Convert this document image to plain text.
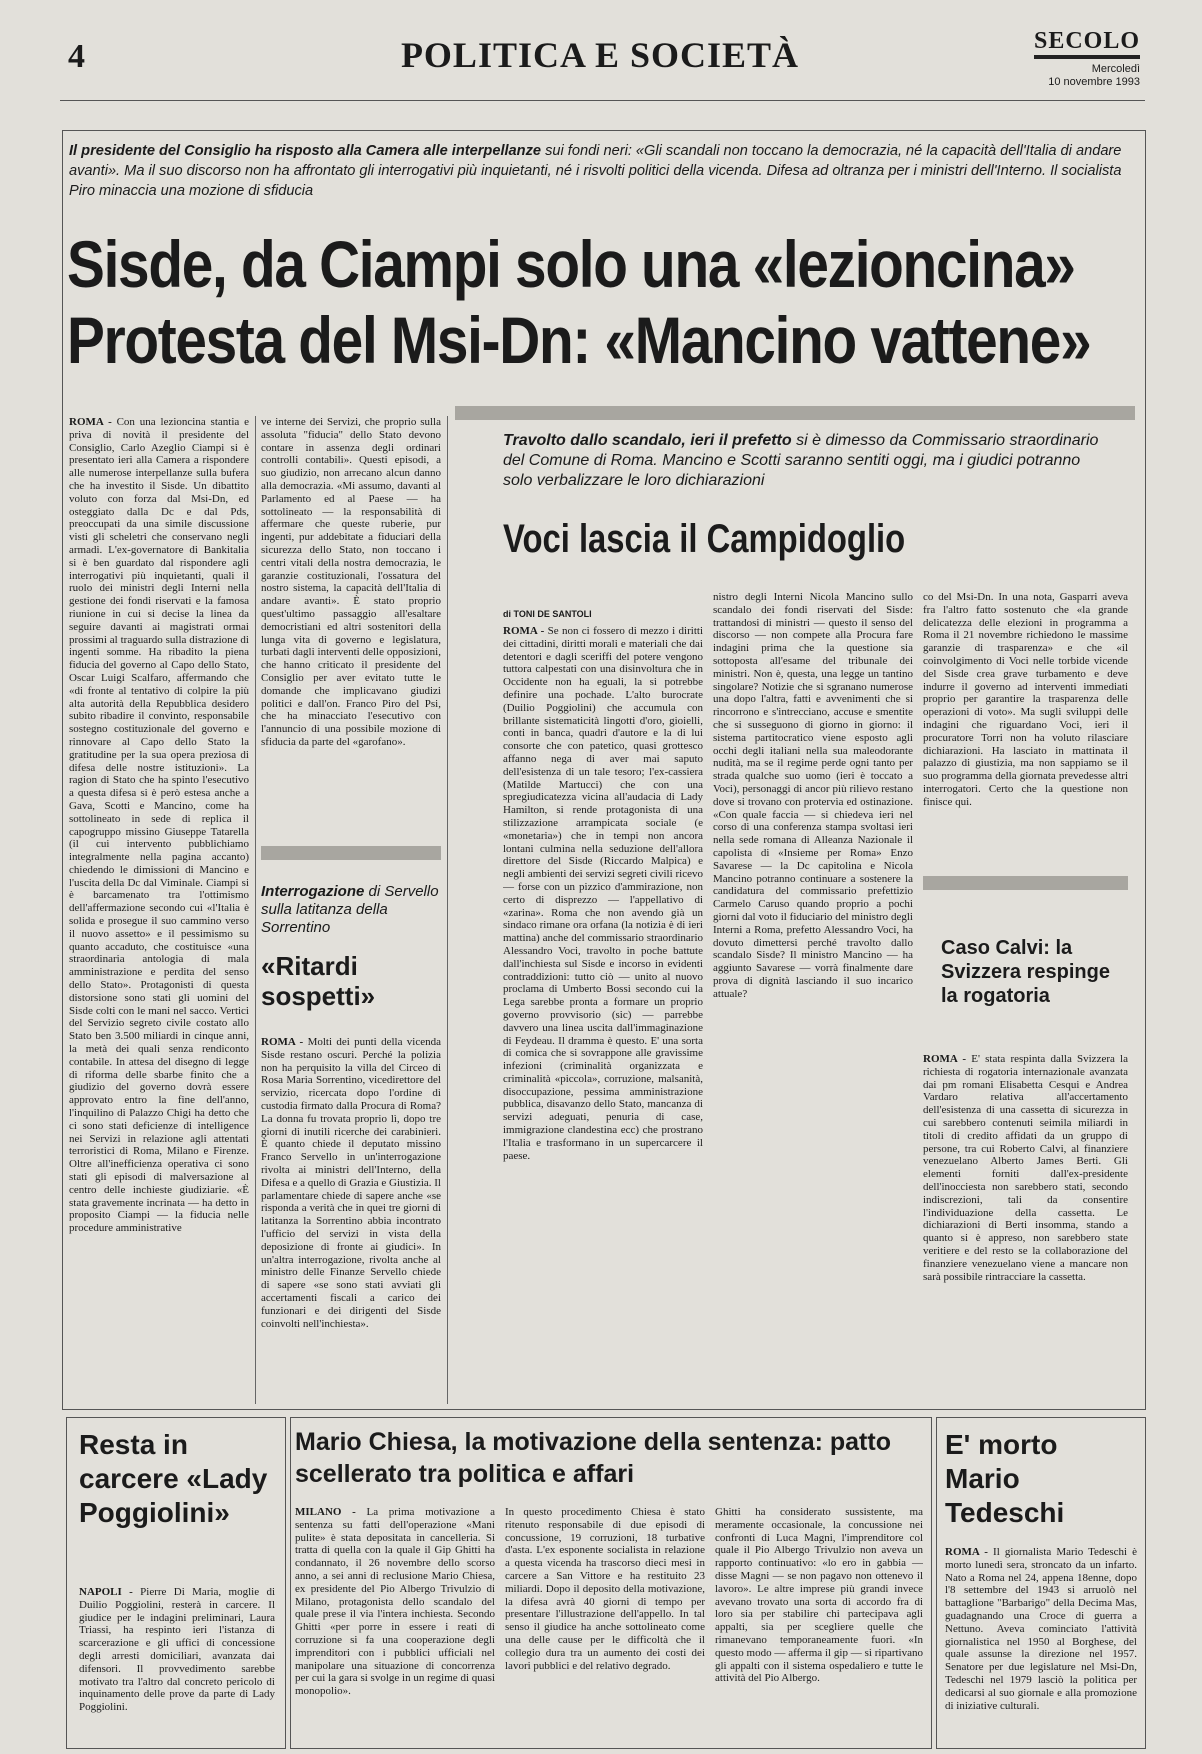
4	POLITICA E SOCIETÀ	SECOLO
Mercoledì
10 novembre 1993
Il presidente del Consiglio ha risposto alla Camera alle interpellanze sui fondi neri: «Gli scandali non toccano la democrazia, né la capacità dell'Italia di andare avanti». Ma il suo discorso non ha affrontato gli interrogativi più inquietanti, né i risvolti politici della vicenda. Difesa ad oltranza per i ministri dell'Interno. Il socialista Piro minaccia una mozione di sfiducia
Sisde, da Ciampi solo una «lezioncina»
Protesta del Msi-Dn: «Mancino vattene»

ROMA - Con una lezioncina stantia e priva di novità il presidente del Consiglio, Carlo Azeglio Ciampi si è presentato ieri alla Camera a rispondere alle numerose interpellanze sulla bufera che ha investito il Sisde. Un dibattito voluto con forza dal Msi-Dn, ed osteggiato dalla Dc e dal Pds, preoccupati da una simile discussione visti gli scheletri che conservano negli armadi. L'ex-governatore di Bankitalia si è ben guardato dal rispondere agli interrogativi più inquietanti, quali il ruolo dei ministri degli Interni nella gestione dei fondi riservati e la famosa riunione in cui si decise la linea da seguire davanti ai magistrati ormai prossimi al traguardo sulla distrazione di ingenti somme. Ha ribadito la piena fiducia del governo al Capo dello Stato, Oscar Luigi Scalfaro, affermando che «di fronte al tentativo di colpire la più alta autorità della Repubblica desidero subito ribadire il convinto, responsabile sostegno costituzionale del governo e rinnovare al Capo dello Stato la gratitudine per la sua opera preziosa di difesa delle nostre istituzioni». La ragion di Stato che ha spinto l'esecutivo a questa difesa si è però estesa anche a Gava, Scotti e Mancino, come ha sottolineato in sede di replica il capogruppo missino Giuseppe Tatarella (il cui intervento pubblichiamo integralmente nella pagina accanto) chiedendo le dimissioni di Mancino e l'uscita della Dc dal Viminale. Ciampi si è barcamenato tra l'ottimismo dell'affermazione secondo cui «l'Italia è solida e prosegue il suo cammino verso il nuovo assetto» e il pessimismo su quanto accaduto, che costituisce «una straordinaria antologia di mala amministrazione e perdita del senso dello Stato». Protagonisti di questa distorsione sono stati gli uomini del Sisde colti con le mani nel sacco. Vertici del Servizio segreto civile costato allo Stato ben 3.500 miliardi in cinque anni, la metà dei quali senza rendiconto contabile. In attesa del disegno di legge di riforma delle sbarbe finito che a giudizio del governo dovrà essere approvato entro la fine dell'anno, l'inquilino di Palazzo Chigi ha detto che ci sono stati deficienze di intelligence nei Servizi in relazione agli attentati terroristici di Roma, Milano e Firenze. Oltre all'inefficienza operativa ci sono stati gli episodi di malversazione al centro delle inchieste giudiziarie. «È stata gravemente incrinata — ha detto in proposito Ciampi — la fiducia nelle procedure amministrative

ve interne dei Servizi, che proprio sulla assoluta "fiducia" dello Stato devono contare in assenza degli ordinari controlli contabili». Questi episodi, a suo giudizio, non arrecano alcun danno alla democrazia. «Mi assumo, davanti al Parlamento ed al Paese — ha sottolineato — la responsabilità di affermare che queste ruberie, pur ingenti, pur addebitate a fiduciari della sicurezza dello Stato, non toccano i centri vitali della nostra democrazia, le garanzie costituzionali, l'ossatura del nostro sistema, la capacità dell'Italia di andare avanti». È stato proprio quest'ultimo passaggio all'esaltare democristiani ed altri sostenitori della lunga vita di governo e legislatura, turbati dagli interventi delle opposizioni, che hanno criticato il presidente del Consiglio per aver evitato tutte le domande che implicavano giudizi politici e dall'on. Franco Piro del Psi, che ha minacciato l'esecutivo con l'annuncio di una possibile mozione di sfiducia da parte del «garofano».

Interrogazione di Servello sulla latitanza della Sorrentino
«Ritardi sospetti»

ROMA - Molti dei punti della vicenda Sisde restano oscuri. Perché la polizia non ha perquisito la villa del Circeo di Rosa Maria Sorrentino, vicedirettore del servizio, ricercata dopo l'ordine di custodia firmato dalla Procura di Roma? La donna fu trovata proprio lì, dopo tre giorni di inutili ricerche dei carabinieri. È quanto chiede il deputato missino Franco Servello in un'interrogazione rivolta ai ministri dell'Interno, della Difesa e a quello di Grazia e Giustizia. Il parlamentare chiede di sapere anche «se risponda a verità che in quei tre giorni di latitanza la Sorrentino abbia incontrato l'ufficio del servizi in vista della deposizione di fronte ai giudici». In un'altra interrogazione, rivolta anche al ministro delle Finanze Servello chiede di sapere «se sono stati avviati gli accertamenti fiscali a carico dei funzionari e dei dirigenti del Sisde coinvolti nell'inchiesta».

Travolto dallo scandalo, ieri il prefetto si è dimesso da Commissario straordinario del Comune di Roma. Mancino e Scotti saranno sentiti oggi, ma i giudici potranno solo verbalizzare le loro dichiarazioni
Voci lascia il Campidoglio
di TONI DE SANTOLI

ROMA - Se non ci fossero di mezzo i diritti dei cittadini, diritti morali e materiali che dai detentori e dagli sceriffi del potere vengono tuttora calpestati con una disinvoltura che in Occidente non ha eguali, la si potrebbe definire una pochade. L'alto burocrate (Duilio Poggiolini) che accumula con brillante sistematicità lingotti d'oro, gioielli, conti in banca, quadri d'autore e la di lui consorte che con patetico, quasi grottesco affanno nega di aver mai saputo dell'esistenza di un tale tesoro; l'ex-cassiera (Matilde Martucci) che con una spregiudicatezza vicina all'audacia di Lady Hamilton, si rende protagonista di una stilizzazione arrampicata sociale (e «monetaria») che in tempi non ancora lontani culmina nella seduzione dell'allora direttore del Sisde (Riccardo Malpica) e negli ambienti dei servizi segreti civili ricevo — forse con un pizzico d'ammirazione, non certo di disprezzo — l'appellativo di «zarina». Roma che non avendo già un sindaco rimane ora orfana (la notizia è di ieri mattina) anche del commissario straordinario Alessandro Voci, travolto in poche battute dall'inchiesta sul Sisde e incorso in evidenti contraddizioni: tutto ciò — unito al nuovo proclama di Umberto Bossi secondo cui la Lega sarebbe pronta a formare un proprio governo provvisorio (sic) — parrebbe davvero una linea uscita dall'immaginazione di Feydeau. Il dramma è questo. E' una sorta di comica che si sovrappone alle gravissime infezioni (criminalità organizzata e criminalità «piccola», corruzione, malsanità, disoccupazione, pessima amministrazione pubblica, disavanzo dello Stato, mancanza di servizi adeguati, penuria di case, immigrazione clandestina ecc) che prostrano l'Italia e trasformano in un supercarcere il paese.

nistro degli Interni Nicola Mancino sullo scandalo dei fondi riservati del Sisde: trattandosi di ministri — questo il senso del discorso — non compete alla Procura fare indagini prima che la questione sia sottoposta all'esame del tribunale dei ministri. Non è, questa, una legge un tantino singolare? Notizie che si sgranano numerose una dopo l'altra, fatti e avvenimenti che si rincorrono e s'intrecciano, accuse e smentite che si susseguono di giorno in giorno: il sistema partitocratico viene esposto agli occhi degli italiani nella sua maleodorante nudità, ma se il regime perde ogni tanto per strada qualche suo uomo (ieri è toccato a Voci), personaggi di ancor più rilievo restano dove si trovano con protervia ed ostinazione. «Con quale faccia — si chiedeva ieri nel corso di una conferenza stampa svoltasi ieri nella sede romana di Alleanza Nazionale il capolista di «Insieme per Roma» Enzo Savarese — la Dc capitolina e Nicola Mancino potranno continuare a sostenere la candidatura del commissario prefettizio Carmelo Caruso quando proprio a pochi giorni dal voto il fiduciario del ministro degli Interni a Roma, prefetto Alessandro Voci, ha dovuto dimettersi perché travolto dallo scandalo Sisde? Il ministro Mancino — ha aggiunto Savarese — vorrà finalmente dare prova di dignità lasciando il suo incarico attuale?

co del Msi-Dn. In una nota, Gasparri aveva fra l'altro fatto sostenuto che «la grande delicatezza delle elezioni in programma a Roma il 21 novembre richiedono le massime garanzie di trasparenza» e che «il coinvolgimento di Voci nelle torbide vicende del Sisde crea grave turbamento e deve indurre il governo ad interventi immediati proprio per garantire la trasparenza delle operazioni di voto». Ma sugli sviluppi delle indagini che riguardano Voci, ieri il procuratore Torri non ha voluto rilasciare dichiarazioni. Ha lasciato in mattinata il palazzo di giustizia, ma non sappiamo se il suo programma della giornata prevedesse altri interrogatori. Certo che la questione non finisce qui.

Caso Calvi: la Svizzera respinge la rogatoria

ROMA - E' stata respinta dalla Svizzera la richiesta di rogatoria internazionale avanzata dai pm romani Elisabetta Cesqui e Andrea Vardaro relativa all'accertamento dell'esistenza di una cassetta di sicurezza in cui sarebbero contenuti seimila miliardi in titoli di credito affidati da un gruppo di persone, tra cui Roberto Calvi, al finanziere venezuelano Alberto James Berti. Gli elementi forniti dall'ex-presidente dell'inocciesta non sarebbero stati, secondo indiscrezioni, tali da consentire l'individuazione della cassetta. Le dichiarazioni di Berti insomma, stando a quanto si è appreso, non sarebbero state veritiere e del resto se la collaborazione del finanziere venezuelano viene a mancare non sarà possibile rintracciare la cassetta.

Resta in carcere «Lady Poggiolini»

NAPOLI - Pierre Di Maria, moglie di Duilio Poggiolini, resterà in carcere. Il giudice per le indagini preliminari, Laura Triassi, ha respinto ieri l'istanza di scarcerazione e gli uffici di concessione degli arresti domiciliari, avanzata dai difensori. Il provvedimento sarebbe motivato tra l'altro dal concreto pericolo di inquinamento delle prove da parte di Lady Poggiolini.

Mario Chiesa, la motivazione della sentenza: patto scellerato tra politica e affari

MILANO - La prima motivazione a sentenza su fatti dell'operazione «Mani pulite» è stata depositata in cancelleria. Si tratta di quella con la quale il Gip Ghitti ha condannato, il 26 novembre dello scorso anno, a sei anni di reclusione Mario Chiesa, ex presidente del Pio Albergo Trivulzio di Milano, protagonista dello scandalo del quale prese il via l'intera inchiesta. Secondo Ghitti «per porre in essere i reati di corruzione si fa una cooperazione degli imprenditori con i pubblici ufficiali nel manipolare una situazione di concorrenza per cui la gara si svolge in un regime di quasi monopolio».

In questo procedimento Chiesa è stato ritenuto responsabile di due episodi di concussione, 19 corruzioni, 18 turbative d'asta. L'ex esponente socialista in relazione a questa vicenda ha trascorso dieci mesi in carcere a San Vittore e ha restituito 23 miliardi. Dopo il deposito della motivazione, la difesa avrà 40 giorni di tempo per presentare l'illustrazione dell'appello. In tal senso il giudice ha anche sottolineato come una delle cause per le difficoltà che il collegio dura tra un aumento dei costi dei lavori pubblici e del relativo degrado.

Ghitti ha considerato sussistente, ma meramente occasionale, la concussione nei confronti di Luca Magni, l'imprenditore col quale il Pio Albergo Trivulzio non aveva un rapporto continuativo: «lo ero in gabbia — disse Magni — se non pagavo non ottenevo il lavoro». Le altre imprese più grandi invece avevano trovato una sorta di accordo fra di loro sia per stabilire chi partecipava agli appalti, sia per scegliere quelle che rimanevano temporaneamente fuori. «In questo modo — afferma il gip — si ripartivano gli appalti con il sistema ospedaliero e tutte le attività del Pio Albergo.

E' morto Mario Tedeschi

ROMA - Il giornalista Mario Tedeschi è morto lunedì sera, stroncato da un infarto. Nato a Roma nel 24, appena 18enne, dopo l'8 settembre del 1943 si arruolò nel battaglione "Barbarigo" della Decima Mas, guadagnando una Croce di guerra a Nettuno. Aveva cominciato l'attività giornalistica nel 1950 al Borghese, del quale assunse la direzione nel 1957. Senatore per due legislature nel Msi-Dn, Tedeschi nel 1979 lasciò la politica per dedicarsi al suo giornale e alla promozione di iniziative culturali.
